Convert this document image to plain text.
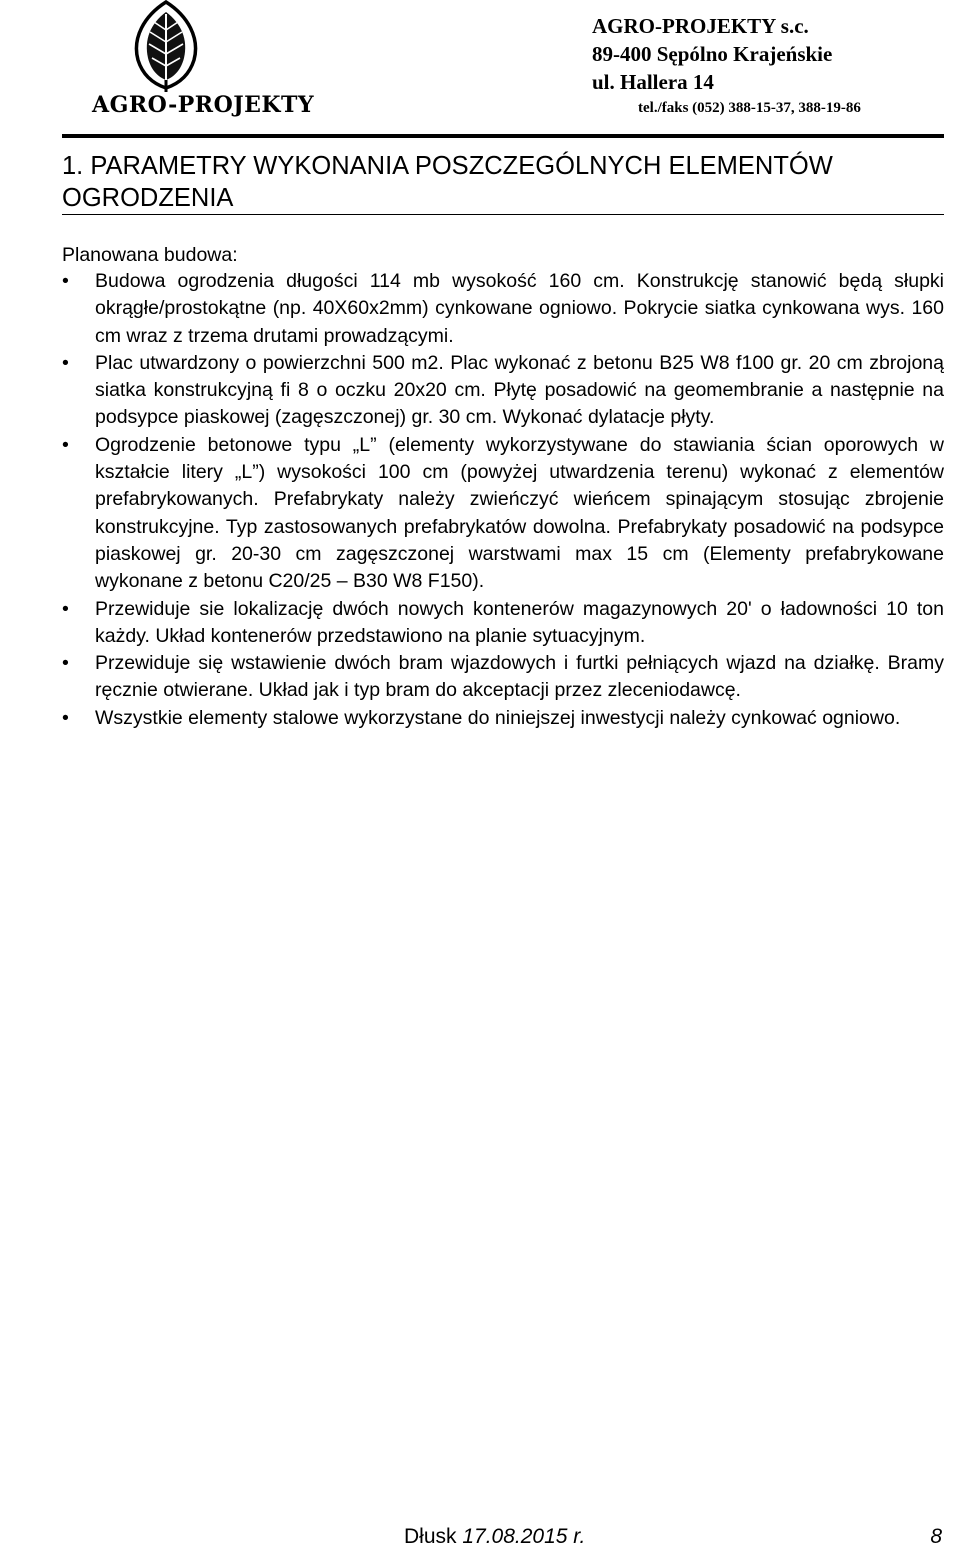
AGRO-PROJEKTY
AGRO-PROJEKTY s.c.
89-400 Sępólno Krajeńskie
ul. Hallera 14
tel./faks (052) 388-15-37, 388-19-86
1. PARAMETRY WYKONANIA POSZCZEGÓLNYCH ELEMENTÓW OGRODZENIA
Planowana budowa:
• Budowa ogrodzenia długości 114 mb wysokość 160 cm. Konstrukcję stanowić będą słupki okrągłe/prostokątne (np. 40X60x2mm) cynkowane ogniowo. Pokrycie siatka cynkowana wys. 160 cm wraz z trzema drutami prowadzącymi.
• Plac utwardzony o powierzchni 500 m2. Plac wykonać z betonu B25 W8 f100 gr. 20 cm zbrojoną siatka konstrukcyjną fi 8 o oczku 20x20 cm. Płytę posadowić na geomembranie a następnie na podsypce piaskowej (zagęszczonej) gr. 30 cm. Wykonać dylatacje płyty.
• Ogrodzenie betonowe typu „L” (elementy wykorzystywane do stawiania ścian oporowych w kształcie litery „L”) wysokości 100 cm (powyżej utwardzenia terenu) wykonać z elementów prefabrykowanych. Prefabrykaty należy zwieńczyć wieńcem spinającym stosując zbrojenie konstrukcyjne. Typ zastosowanych prefabrykatów dowolna. Prefabrykaty posadowić na podsypce piaskowej gr. 20-30 cm zagęszczonej warstwami max 15 cm (Elementy prefabrykowane wykonane z betonu C20/25 – B30 W8 F150).
• Przewiduje sie lokalizację dwóch nowych kontenerów magazynowych 20' o ładowności 10 ton każdy. Układ kontenerów przedstawiono na planie sytuacyjnym.
• Przewiduje się wstawienie dwóch bram wjazdowych i furtki pełniących wjazd na działkę. Bramy ręcznie otwierane. Układ jak i typ bram do akceptacji przez zleceniodawcę.
• Wszystkie elementy stalowe wykorzystane do niniejszej inwestycji należy cynkować ogniowo.
Dłusk 17.08.2015 r.	8
